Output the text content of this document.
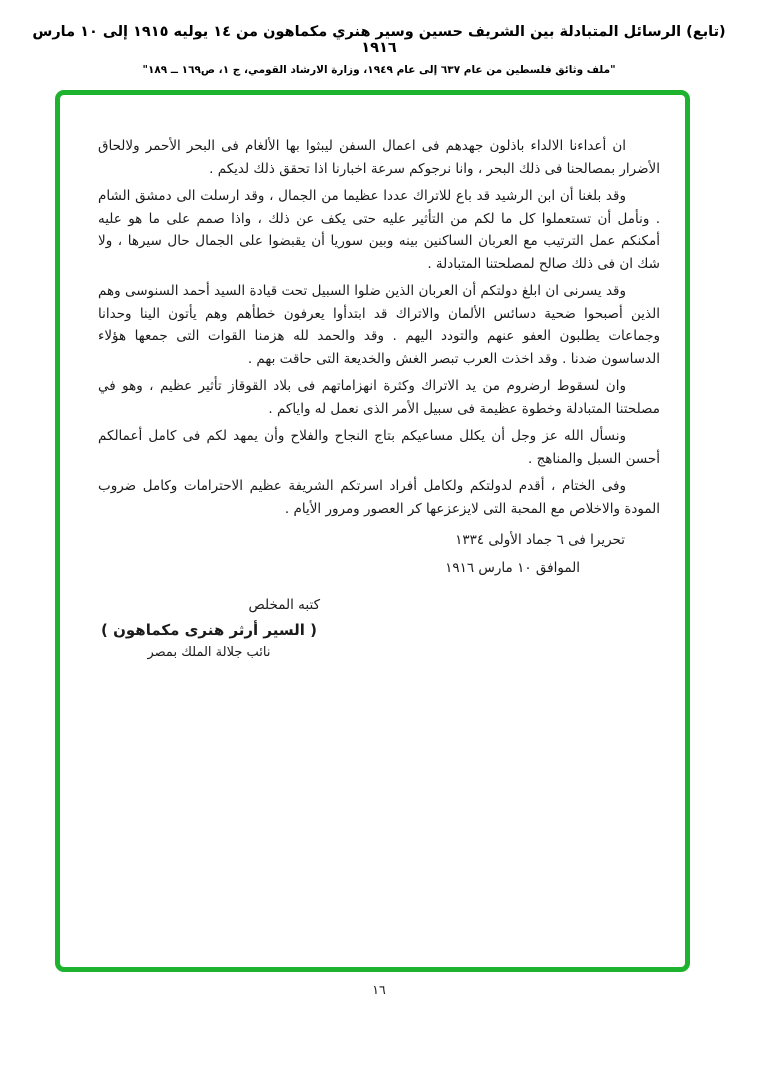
(تابع) الرسائل المتبادلة بين الشريف حسين وسير هنري مكماهون من ١٤ يوليه ١٩١٥ إلى ١٠ مارس ١٩١٦
"ملف وثائق فلسطين من عام ٦٣٧ إلى عام ١٩٤٩، وزارة الارشاد القومي، ج ١، ص١٦٩ ــ ١٨٩"

ان أعداءنا الالداء باذلون جهدهم فى اعمال السفن ليبثوا بها الألغام فى البحر الأحمر ولالحاق الأضرار بمصالحنا فى ذلك البحر ، وانا نرجوكم سرعة اخبارنا اذا تحقق ذلك لديكم .

وقد بلغنا أن ابن الرشيد قد باع للاتراك عددا عظيما من الجمال ، وقد ارسلت الى دمشق الشام . ونأمل أن تستعملوا كل ما لكم من التأثير عليه حتى يكف عن ذلك ، واذا صمم على ما هو عليه أمكنكم عمل الترتيب مع العربان الساكنين بينه وبين سوريا أن يقبضوا على الجمال حال سيرها ، ولا شك ان فى ذلك صالح لمصلحتنا المتبادلة .

وقد يسرنى ان ابلغ دولتكم أن العربان الذين ضلوا السبيل تحت قيادة السيد أحمد السنوسى وهم الذين أصبحوا ضحية دسائس الألمان والاتراك قد ابتدأوا يعرفون خطأهم وهم يأتون الينا وحدانا وجماعات يطلبون العفو عنهم والتودد اليهم . وقد والحمد لله هزمنا القوات التى جمعها هؤلاء الدساسون ضدنا . وقد اخذت العرب تبصر الغش والخديعة التى حاقت بهم .

وان لسقوط ارضروم من يد الاتراك وكثرة انهزاماتهم فى بلاد القوقاز تأثير عظيم ، وهو في مصلحتنا المتبادلة وخطوة عظيمة فى سبيل الأمر الذى نعمل له واياكم .

ونسأل الله عز وجل أن يكلل مساعيكم بتاج النجاح والفلاح وأن يمهد لكم فى كامل أعمالكم أحسن السبل والمناهج .

وفى الختام ، أقدم لدولتكم ولكامل أفراد اسرتكم الشريفة عظيم الاحترامات وكامل ضروب المودة والاخلاص مع المحبة التى لايزعزعها كر العصور ومرور الأيام .

تحريرا فى ٦ جماد الأولى ١٣٣٤
الموافق ١٠ مارس ١٩١٦
كتبه المخلص
( السير أرثر هنرى مكماهون )
نائب جلالة الملك بمصر
١٦
